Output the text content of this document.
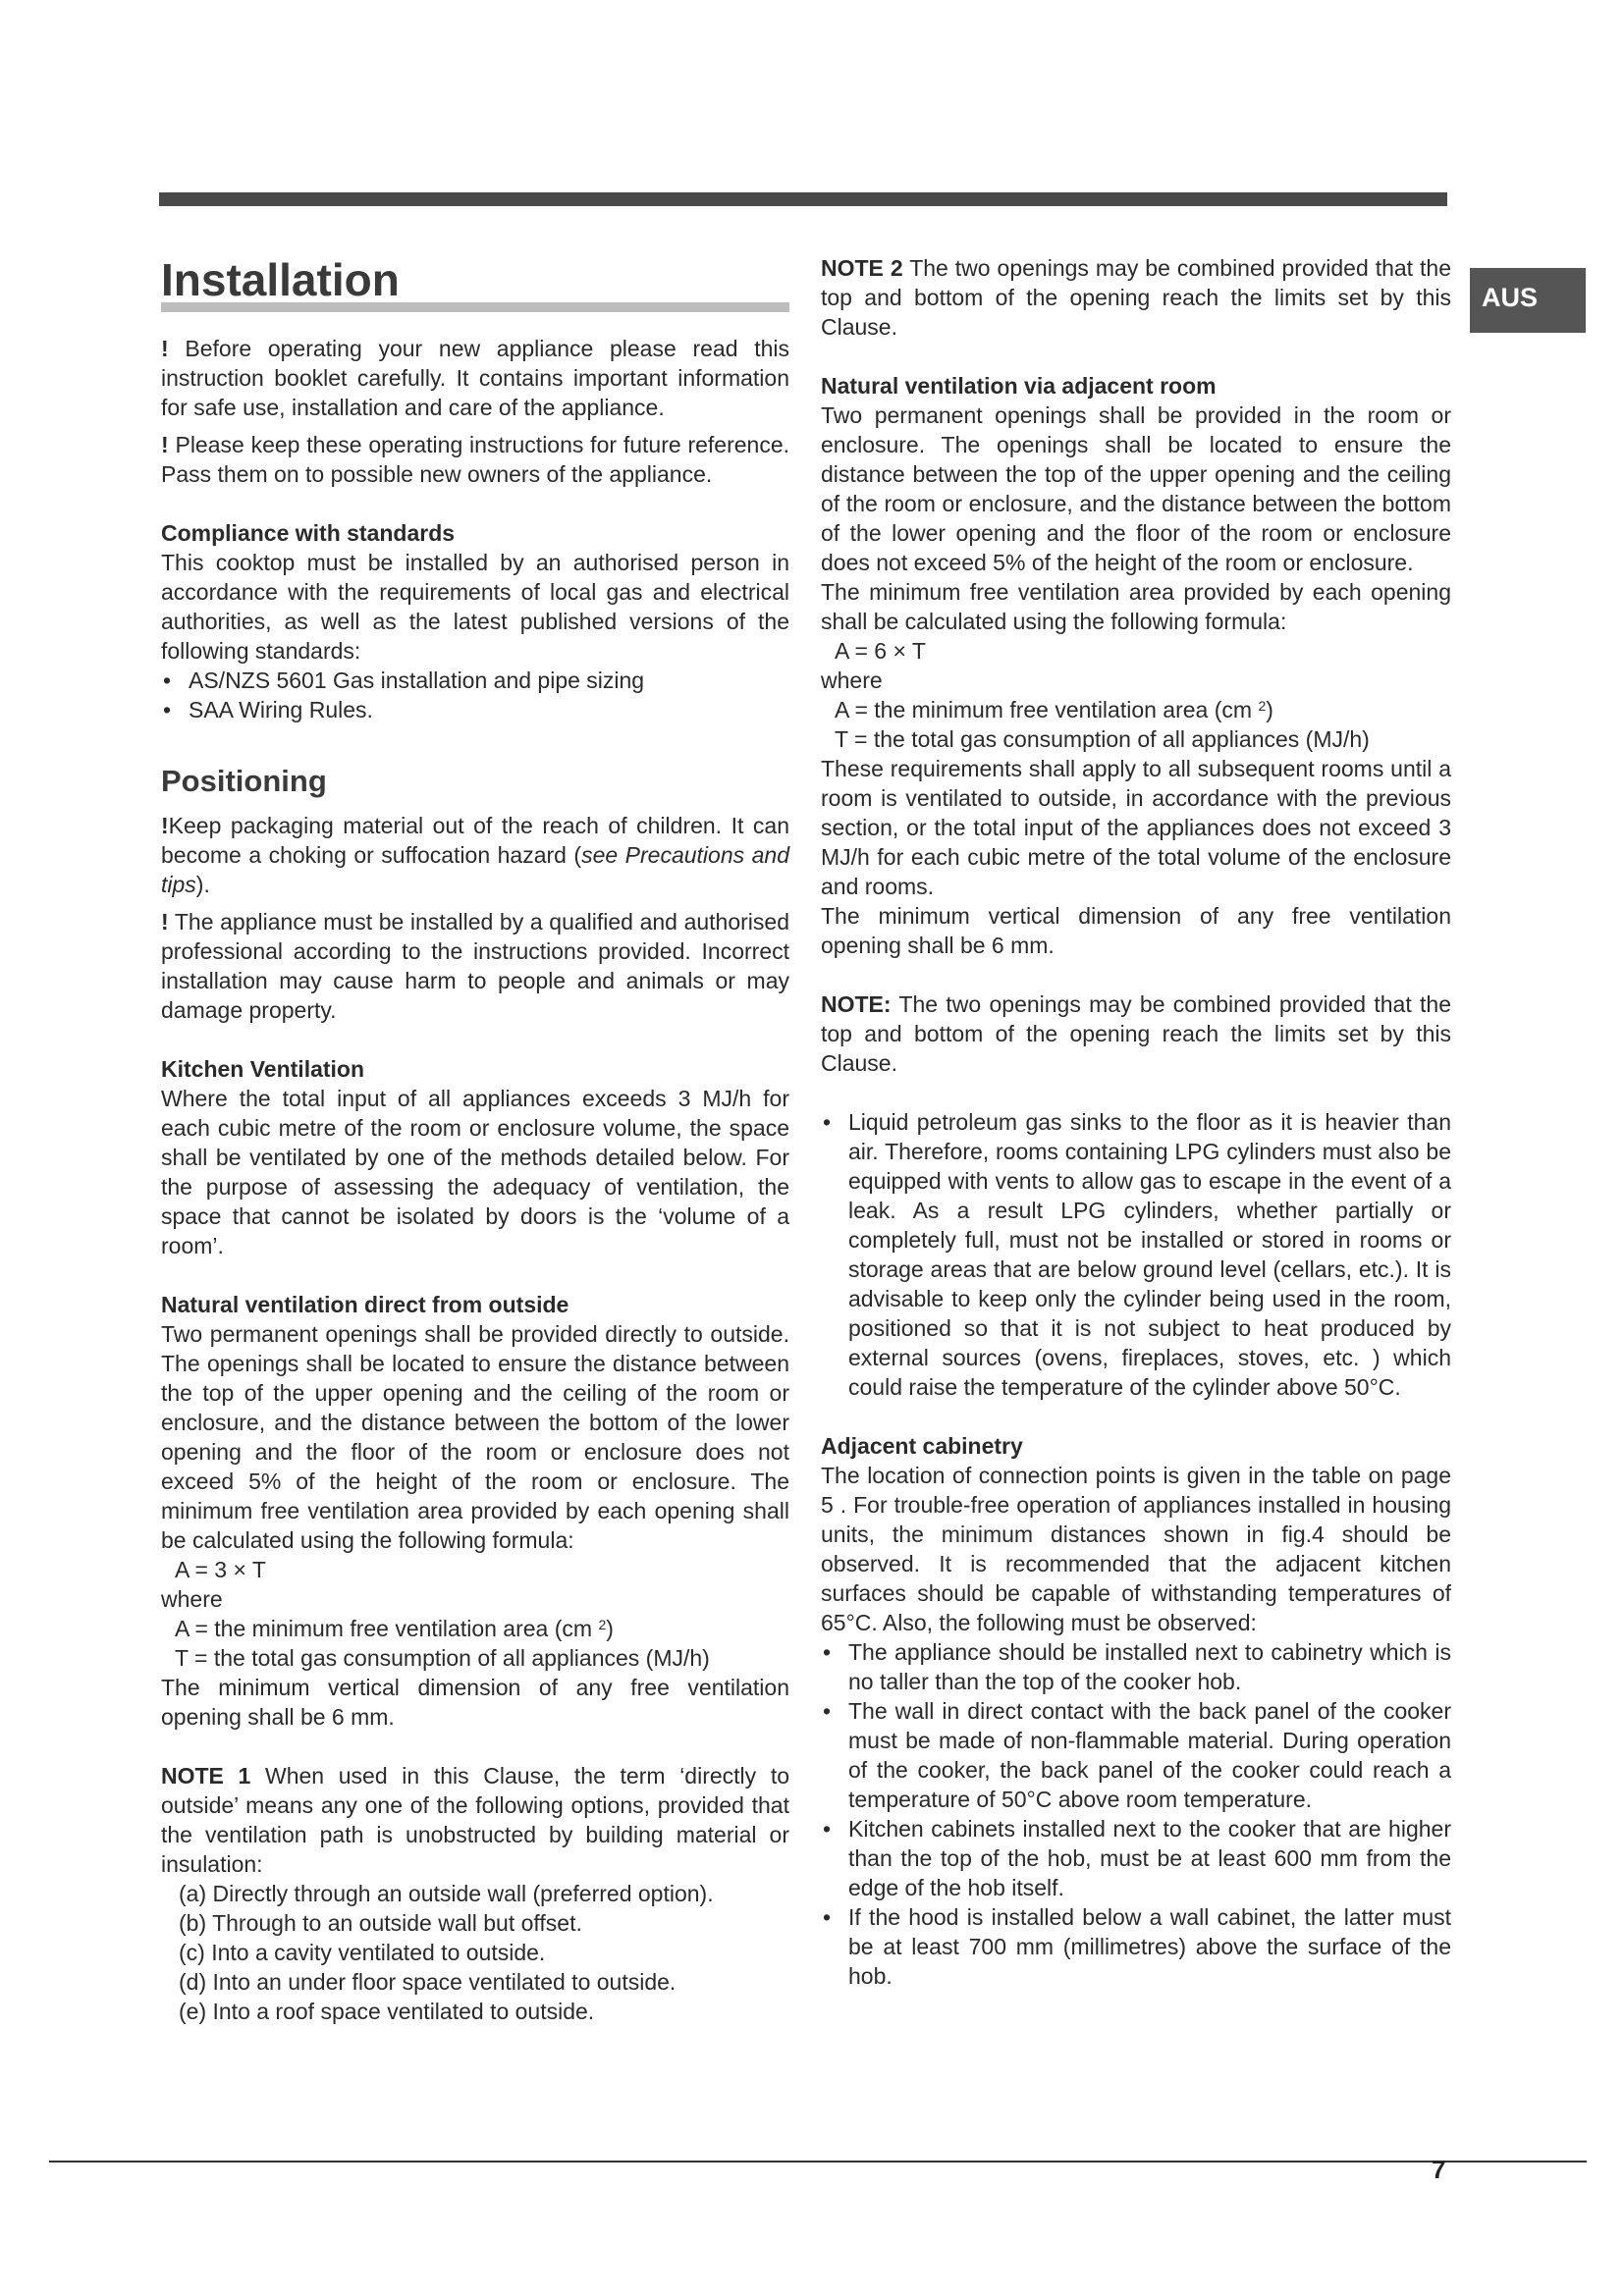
AUS
Installation

! Before operating your new appliance please read this instruction booklet carefully. It contains important information for safe use, installation and care of the appliance.

! Please keep these operating instructions for future reference. Pass them on to possible new owners of the appliance.

Compliance with standards

This cooktop must be installed by an authorised person in accordance with the requirements of local gas and electrical authorities, as well as the latest published versions of the following standards:

• AS/NZS 5601 Gas installation and pipe sizing
• SAA Wiring Rules.

Positioning

!Keep packaging material out of the reach of children. It can become a choking or suffocation hazard (see Precautions and tips).

! The appliance must be installed by a qualified and authorised professional according to the instructions provided. Incorrect installation may cause harm to people and animals or may damage property.

Kitchen Ventilation

Where the total input of all appliances exceeds 3 MJ/h for each cubic metre of the room or enclosure volume, the space shall be ventilated by one of the methods detailed below. For the purpose of assessing the adequacy of ventilation, the space that cannot be isolated by doors is the ‘volume of a room’.

Natural ventilation direct from outside

Two permanent openings shall be provided directly to outside. The openings shall be located to ensure the distance between the top of the upper opening and the ceiling of the room or enclosure, and the distance between the bottom of the lower opening and the floor of the room or enclosure does not exceed 5% of the height of the room or enclosure. The minimum free ventilation area provided by each opening shall be calculated using the following formula:

A = 3 × T

where

A = the minimum free ventilation area (cm $^2$)

T = the total gas consumption of all appliances (MJ/h)

The minimum vertical dimension of any free ventilation opening shall be 6 mm.

NOTE 1 When used in this Clause, the term ‘directly to outside’ means any one of the following options, provided that the ventilation path is unobstructed by building material or insulation:

(a) Directly through an outside wall (preferred option).

(b) Through to an outside wall but offset.

(c) Into a cavity ventilated to outside.

(d) Into an under floor space ventilated to outside.

(e) Into a roof space ventilated to outside.

NOTE 2 The two openings may be combined provided that the top and bottom of the opening reach the limits set by this Clause.

Natural ventilation via adjacent room

Two permanent openings shall be provided in the room or enclosure. The openings shall be located to ensure the distance between the top of the upper opening and the ceiling of the room or enclosure, and the distance between the bottom of the lower opening and the floor of the room or enclosure does not exceed 5% of the height of the room or enclosure.

The minimum free ventilation area provided by each opening shall be calculated using the following formula:

A = 6 × T

where

A = the minimum free ventilation area (cm $^2$)

T = the total gas consumption of all appliances (MJ/h)

These requirements shall apply to all subsequent rooms until a room is ventilated to outside, in accordance with the previous section, or the total input of the appliances does not exceed 3 MJ/h for each cubic metre of the total volume of the enclosure and rooms.

The minimum vertical dimension of any free ventilation opening shall be 6 mm.

NOTE: The two openings may be combined provided that the top and bottom of the opening reach the limits set by this Clause.

• Liquid petroleum gas sinks to the floor as it is heavier than air. Therefore, rooms containing LPG cylinders must also be equipped with vents to allow gas to escape in the event of a leak. As a result LPG cylinders, whether partially or completely full, must not be installed or stored in rooms or storage areas that are below ground level (cellars, etc.). It is advisable to keep only the cylinder being used in the room, positioned so that it is not subject to heat produced by external sources (ovens, fireplaces, stoves, etc. ) which could raise the temperature of the cylinder above 50°C.

Adjacent cabinetry

The location of connection points is given in the table on page 5 . For trouble-free operation of appliances installed in housing units, the minimum distances shown in fig.4 should be observed. It is recommended that the adjacent kitchen surfaces should be capable of withstanding temperatures of 65°C. Also, the following must be observed:

• The appliance should be installed next to cabinetry which is no taller than the top of the cooker hob.
• The wall in direct contact with the back panel of the cooker must be made of non-flammable material. During operation of the cooker, the back panel of the cooker could reach a temperature of 50°C above room temperature.
• Kitchen cabinets installed next to the cooker that are higher than the top of the hob, must be at least 600 mm from the edge of the hob itself.
• If the hood is installed below a wall cabinet, the latter must be at least 700 mm (millimetres) above the surface of the hob.
7
